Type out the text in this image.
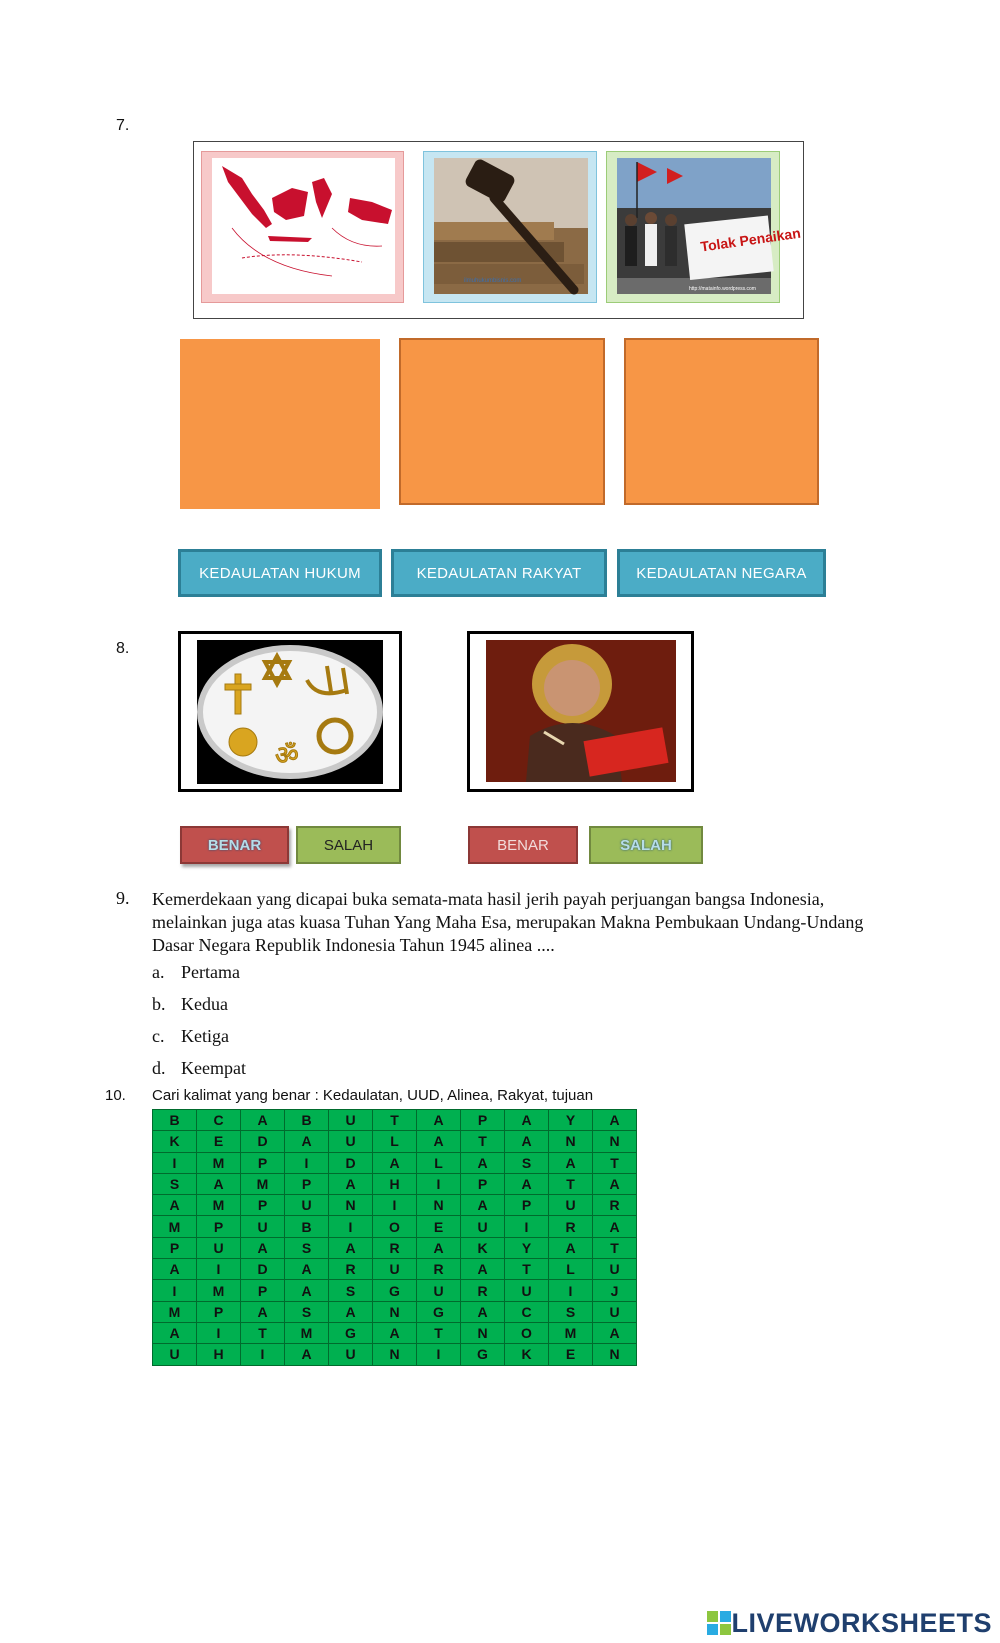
7.
ilmuhukumbisnis.com
Tolak Penaikan
http://matainfo.wordpress.com
KEDAULATAN HUKUM	KEDAULATAN RAKYAT	KEDAULATAN NEGARA
8.
ॐ
BENAR	SALAH	BENAR	SALAH
9. Kemerdekaan yang dicapai buka semata-mata hasil jerih payah perjuangan bangsa Indonesia, melainkan juga atas kuasa Tuhan Yang Maha Esa, merupakan Makna Pembukaan Undang-Undang Dasar Negara Republik Indonesia Tahun 1945 alinea ....
a. Pertama
b. Kedua
c. Ketiga
d. Keempat
10. Cari kalimat yang benar : Kedaulatan, UUD, Alinea, Rakyat, tujuan
B	C	A	B	U	T	A	P	A	Y	A
K	E	D	A	U	L	A	T	A	N	N
I	M	P	I	D	A	L	A	S	A	T
S	A	M	P	A	H	I	P	A	T	A
A	M	P	U	N	I	N	A	P	U	R
M	P	U	B	I	O	E	U	I	R	A
P	U	A	S	A	R	A	K	Y	A	T
A	I	D	A	R	U	R	A	T	L	U
I	M	P	A	S	G	U	R	U	I	J
M	P	A	S	A	N	G	A	C	S	U
A	I	T	M	G	A	T	N	O	M	A
U	H	I	A	U	N	I	G	K	E	N
LIVEWORKSHEETS
